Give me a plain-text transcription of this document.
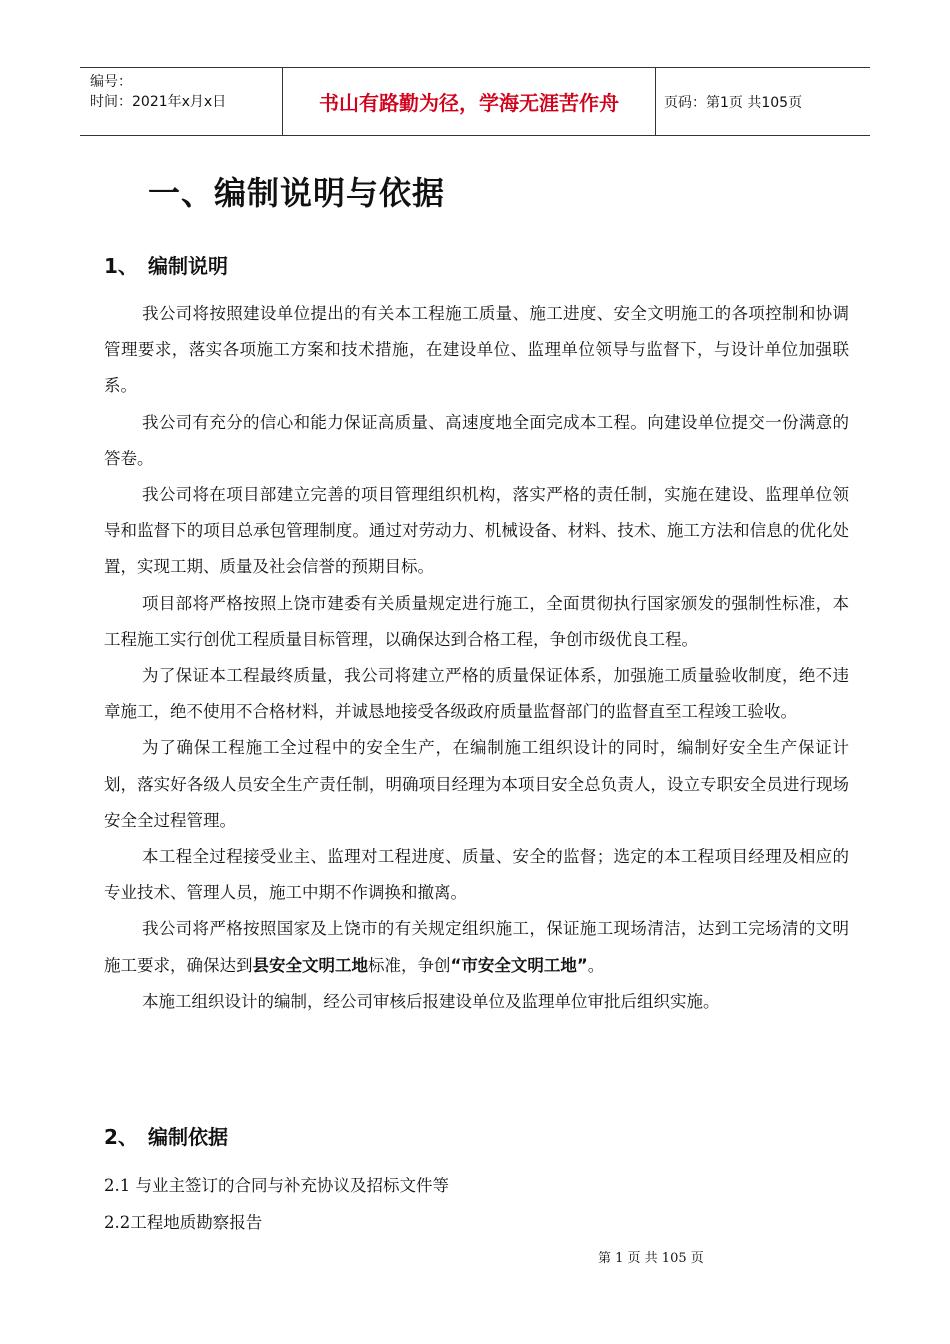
编号：
时间：2021年x月x日	书山有路勤为径，学海无涯苦作舟	页码：第1页 共105页
一、编制说明与依据
1、 编制说明

我公司将按照建设单位提出的有关本工程施工质量、施工进度、安全文明施工的各项控制和协调管理要求，落实各项施工方案和技术措施，在建设单位、监理单位领导与监督下，与设计单位加强联系。

我公司有充分的信心和能力保证高质量、高速度地全面完成本工程。向建设单位提交一份满意的答卷。

我公司将在项目部建立完善的项目管理组织机构，落实严格的责任制，实施在建设、监理单位领导和监督下的项目总承包管理制度。通过对劳动力、机械设备、材料、技术、施工方法和信息的优化处置，实现工期、质量及社会信誉的预期目标。

项目部将严格按照上饶市建委有关质量规定进行施工，全面贯彻执行国家颁发的强制性标准，本工程施工实行创优工程质量目标管理，以确保达到合格工程，争创市级优良工程。

为了保证本工程最终质量，我公司将建立严格的质量保证体系，加强施工质量验收制度，绝不违章施工，绝不使用不合格材料，并诚恳地接受各级政府质量监督部门的监督直至工程竣工验收。

为了确保工程施工全过程中的安全生产，在编制施工组织设计的同时，编制好安全生产保证计划，落实好各级人员安全生产责任制，明确项目经理为本项目安全总负责人，设立专职安全员进行现场安全全过程管理。

本工程全过程接受业主、监理对工程进度、质量、安全的监督；选定的本工程项目经理及相应的专业技术、管理人员，施工中期不作调换和撤离。

我公司将严格按照国家及上饶市的有关规定组织施工，保证施工现场清洁，达到工完场清的文明施工要求，确保达到县安全文明工地标准，争创“市安全文明工地”。

本施工组织设计的编制，经公司审核后报建设单位及监理单位审批后组织实施。

2、 编制依据
2.1 与业主签订的合同与补充协议及招标文件等
2.2工程地质勘察报告
第 1 页 共 105 页
